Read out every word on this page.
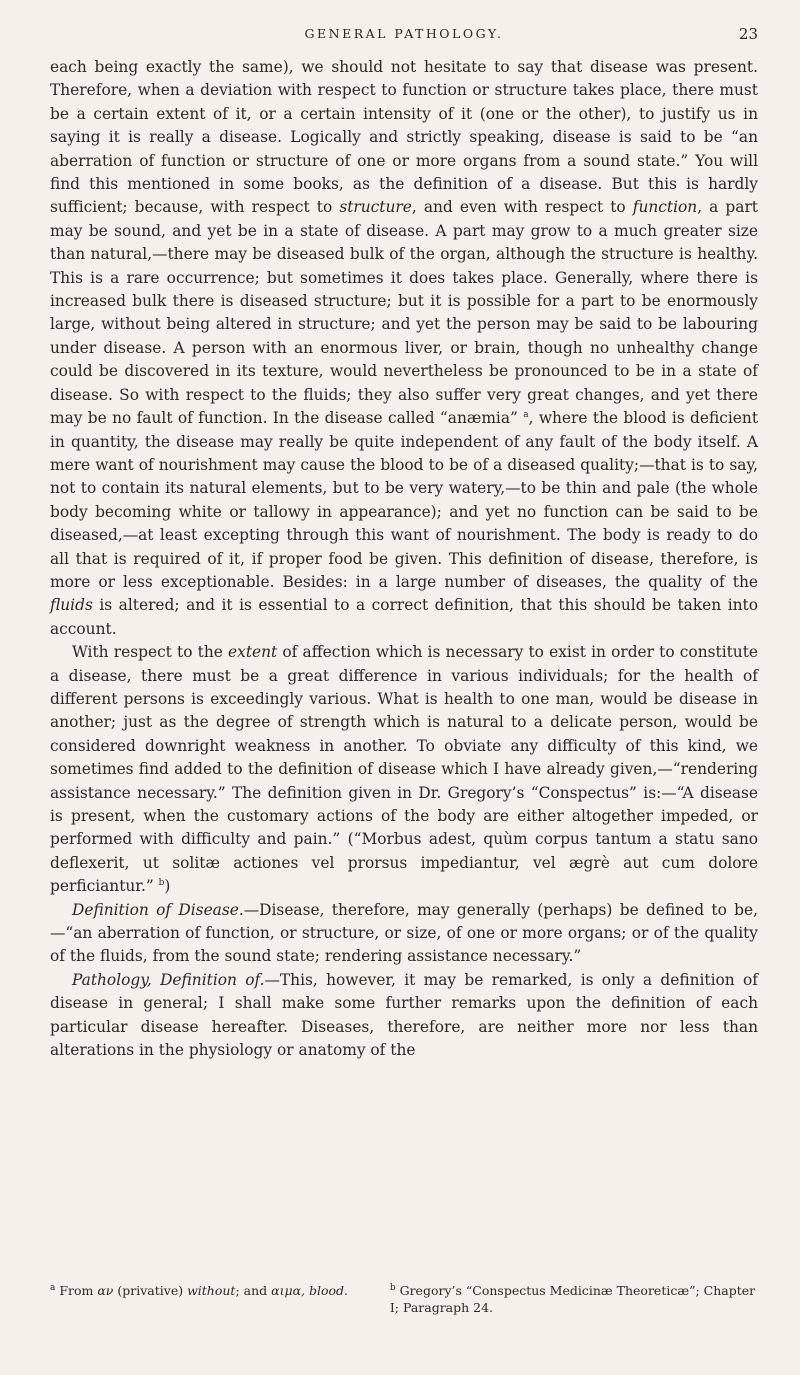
GENERAL PATHOLOGY.	23

each being exactly the same), we should not hesitate to say that disease was present. Therefore, when a deviation with respect to function or structure takes place, there must be a certain extent of it, or a certain intensity of it (one or the other), to justify us in saying it is really a disease. Logically and strictly speaking, disease is said to be “an aberration of function or structure of one or more organs from a sound state.” You will find this mentioned in some books, as the definition of a disease. But this is hardly sufficient; because, with respect to structure, and even with respect to function, a part may be sound, and yet be in a state of disease. A part may grow to a much greater size than natural,—there may be diseased bulk of the organ, although the structure is healthy. This is a rare occurrence; but sometimes it does takes place. Generally, where there is increased bulk there is diseased structure; but it is possible for a part to be enormously large, without being altered in structure; and yet the person may be said to be labouring under disease. A person with an enormous liver, or brain, though no unhealthy change could be discovered in its texture, would nevertheless be pronounced to be in a state of disease. So with respect to the fluids; they also suffer very great changes, and yet there may be no fault of function. In the disease called “anæmia” $^a$, where the blood is deficient in quantity, the disease may really be quite independent of any fault of the body itself. A mere want of nourishment may cause the blood to be of a diseased quality;—that is to say, not to contain its natural elements, but to be very watery,—to be thin and pale (the whole body becoming white or tallowy in appearance); and yet no function can be said to be diseased,—at least excepting through this want of nourishment. The body is ready to do all that is required of it, if proper food be given. This definition of disease, therefore, is more or less exceptionable. Besides: in a large number of diseases, the quality of the fluids is altered; and it is essential to a correct definition, that this should be taken into account.

With respect to the extent of affection which is necessary to exist in order to constitute a disease, there must be a great difference in various individuals; for the health of different persons is exceedingly various. What is health to one man, would be disease in another; just as the degree of strength which is natural to a delicate person, would be considered downright weakness in another. To obviate any difficulty of this kind, we sometimes find added to the definition of disease which I have already given,—“rendering assistance necessary.” The definition given in Dr. Gregory’s “Conspectus” is:—“A disease is present, when the customary actions of the body are either altogether impeded, or performed with difficulty and pain.” (“Morbus adest, quùm corpus tantum a statu sano deflexerit, ut solitæ actiones vel prorsus impediantur, vel ægrè aut cum dolore perficiantur.” $^b$)

Definition of Disease.—Disease, therefore, may generally (perhaps) be defined to be,—“an aberration of function, or structure, or size, of one or more organs; or of the quality of the fluids, from the sound state; rendering assistance necessary.”

Pathology, Definition of.—This, however, it may be remarked, is only a definition of disease in general; I shall make some further remarks upon the definition of each particular disease hereafter. Diseases, therefore, are neither more nor less than alterations in the physiology or anatomy of the

$^a$ From αν (privative) without; and αιμα, blood.	$^b$ Gregory’s “Conspectus Medicinæ Theoreticæ”; Chapter I; Paragraph 24.
